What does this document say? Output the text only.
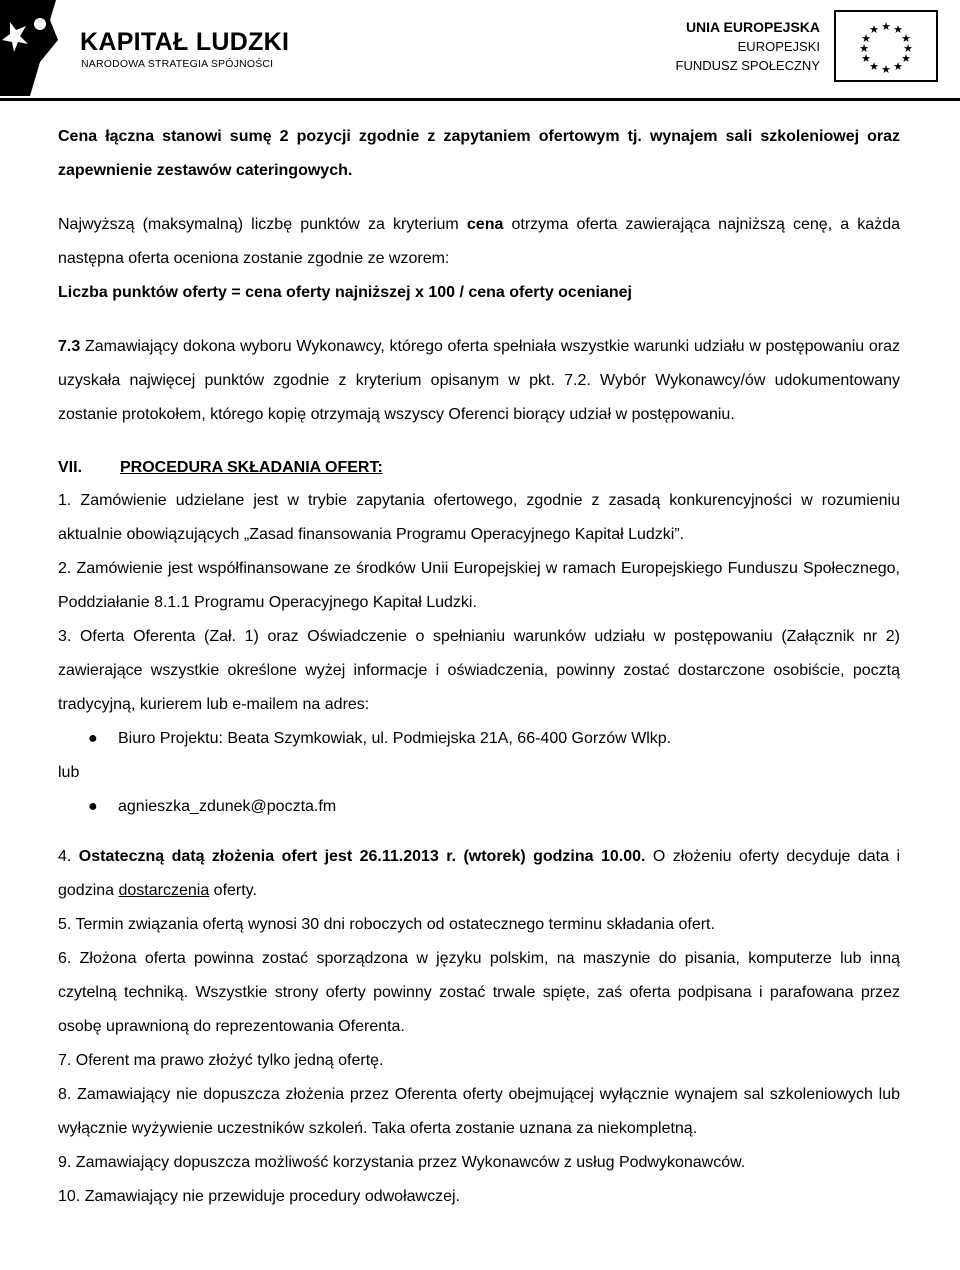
KAPITAŁ LUDZKI
NARODOWA STRATEGIA SPÓJNOŚCI
UNIA EUROPEJSKA
EUROPEJSKI
FUNDUSZ SPOŁECZNY
★ ★
★
★
★
★
★
★
★
★
★
★

Cena łączna stanowi sumę 2 pozycji zgodnie z zapytaniem ofertowym tj. wynajem sali szkoleniowej oraz zapewnienie zestawów cateringowych.

Najwyższą (maksymalną) liczbę punktów za kryterium cena otrzyma oferta zawierająca najniższą cenę, a każda następna oferta oceniona zostanie zgodnie ze wzorem:

Liczba punktów oferty = cena oferty najniższej x 100 / cena oferty ocenianej

7.3 Zamawiający dokona wyboru Wykonawcy, którego oferta spełniała wszystkie warunki udziału w postępowaniu oraz uzyskała najwięcej punktów zgodnie z kryterium opisanym w pkt. 7.2. Wybór Wykonawcy/ów udokumentowany zostanie protokołem, którego kopię otrzymają wszyscy Oferenci biorący udział w postępowaniu.

VII.	PROCEDURA SKŁADANIA OFERT:

1. Zamówienie udzielane jest w trybie zapytania ofertowego, zgodnie z zasadą konkurencyjności w rozumieniu aktualnie obowiązujących „Zasad finansowania Programu Operacyjnego Kapitał Ludzki”.

2. Zamówienie jest współfinansowane ze środków Unii Europejskiej w ramach Europejskiego Funduszu Społecznego, Poddziałanie 8.1.1 Programu Operacyjnego Kapitał Ludzki.

3. Oferta Oferenta (Zał. 1) oraz Oświadczenie o spełnianiu warunków udziału w postępowaniu (Załącznik nr 2) zawierające wszystkie określone wyżej informacje i oświadczenia, powinny zostać dostarczone osobiście, pocztą tradycyjną, kurierem lub e-mailem na adres:

●	Biuro Projektu: Beata Szymkowiak, ul. Podmiejska 21A, 66-400 Gorzów Wlkp.

lub

●	agnieszka_zdunek@poczta.fm

4. Ostateczną datą złożenia ofert jest 26.11.2013 r. (wtorek) godzina 10.00. O złożeniu oferty decyduje data i godzina dostarczenia oferty.

5. Termin związania ofertą wynosi 30 dni roboczych od ostatecznego terminu składania ofert.

6. Złożona oferta powinna zostać sporządzona w języku polskim, na maszynie do pisania, komputerze lub inną czytelną techniką. Wszystkie strony oferty powinny zostać trwale spięte, zaś oferta podpisana i parafowana przez osobę uprawnioną do reprezentowania Oferenta.

7. Oferent ma prawo złożyć tylko jedną ofertę.

8. Zamawiający nie dopuszcza złożenia przez Oferenta oferty obejmującej wyłącznie wynajem sal szkoleniowych lub wyłącznie wyżywienie uczestników szkoleń. Taka oferta zostanie uznana za niekompletną.

9. Zamawiający dopuszcza możliwość korzystania przez Wykonawców z usług Podwykonawców.

10. Zamawiający nie przewiduje procedury odwoławczej.
